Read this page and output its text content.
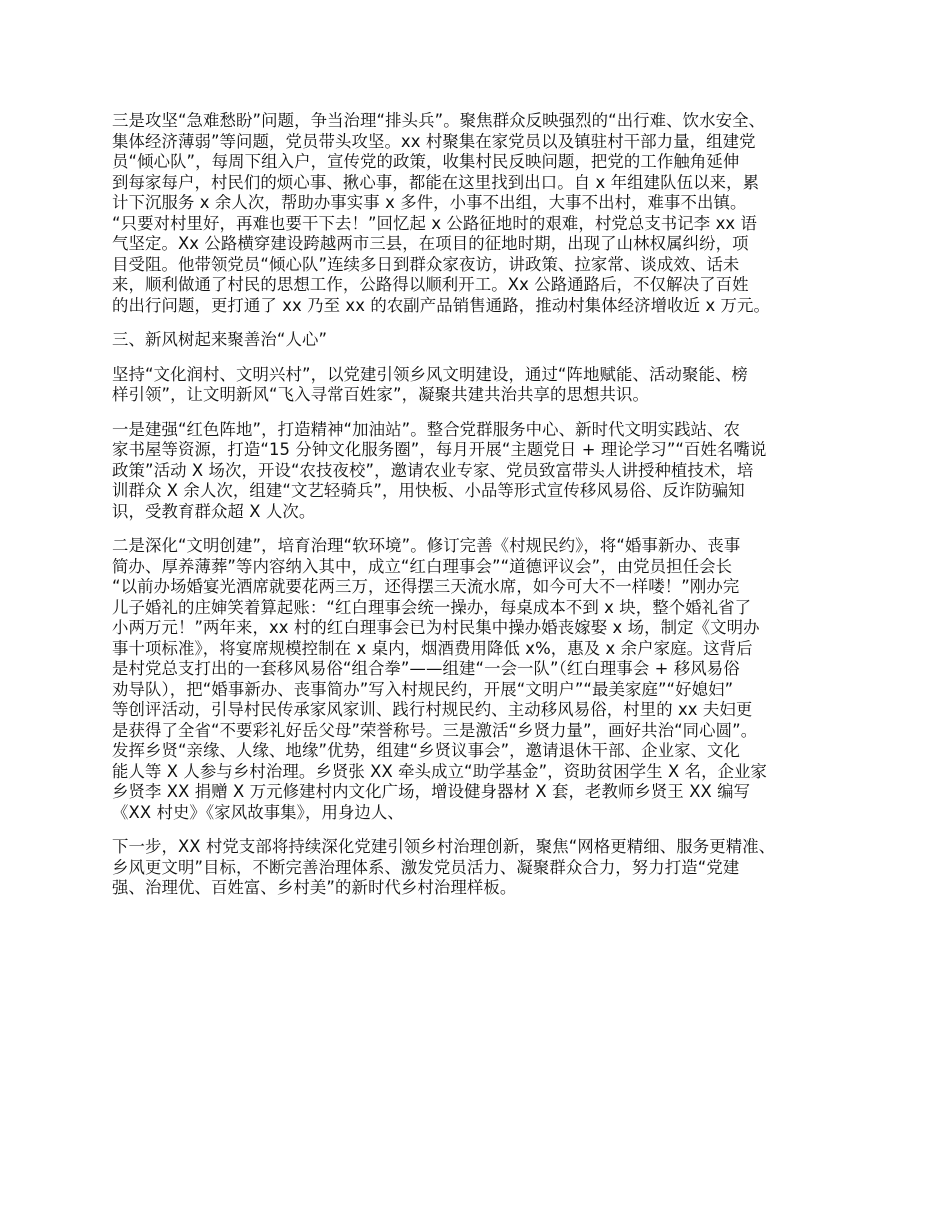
三是攻坚“急难愁盼”问题，争当治理“排头兵”。聚焦群众反映强烈的“出行难、饮水安全、
集体经济薄弱”等问题，党员带头攻坚。xx 村聚集在家党员以及镇驻村干部力量，组建党
员“倾心队”，每周下组入户，宣传党的政策，收集村民反映问题，把党的工作触角延伸
到每家每户，村民们的烦心事、揪心事，都能在这里找到出口。自 x 年组建队伍以来，累
计下沉服务 x 余人次，帮助办事实事 x 多件，小事不出组，大事不出村，难事不出镇。
“只要对村里好，再难也要干下去！”回忆起 x 公路征地时的艰难，村党总支书记李 xx 语
气坚定。Xx 公路横穿建设跨越两市三县，在项目的征地时期，出现了山林权属纠纷，项
目受阻。他带领党员“倾心队”连续多日到群众家夜访，讲政策、拉家常、谈成效、话未
来，顺利做通了村民的思想工作，公路得以顺利开工。Xx 公路通路后，不仅解决了百姓
的出行问题，更打通了 xx 乃至 xx 的农副产品销售通路，推动村集体经济增收近 x 万元。
三、新风树起来聚善治“人心”
坚持“文化润村、文明兴村”，以党建引领乡风文明建设，通过“阵地赋能、活动聚能、榜
样引领”，让文明新风“飞入寻常百姓家”，凝聚共建共治共享的思想共识。
一是建强“红色阵地”，打造精神“加油站”。整合党群服务中心、新时代文明实践站、农
家书屋等资源，打造“15 分钟文化服务圈”，每月开展“主题党日 + 理论学习”“百姓名嘴说
政策”活动 X 场次，开设“农技夜校”，邀请农业专家、党员致富带头人讲授种植技术，培
训群众 X 余人次，组建“文艺轻骑兵”，用快板、小品等形式宣传移风易俗、反诈防骗知
识，受教育群众超 X 人次。
二是深化“文明创建”，培育治理“软环境”。修订完善《村规民约》，将“婚事新办、丧事
简办、厚养薄葬”等内容纳入其中，成立“红白理事会”“道德评议会”，由党员担任会长
“以前办场婚宴光酒席就要花两三万，还得摆三天流水席，如今可大不一样喽！”刚办完
儿子婚礼的庄婶笑着算起账：“红白理事会统一操办，每桌成本不到 x 块，整个婚礼省了
小两万元！”两年来，xx 村的红白理事会已为村民集中操办婚丧嫁娶 x 场，制定《文明办
事十项标准》，将宴席规模控制在 x 桌内，烟酒费用降低 x%，惠及 x 余户家庭。这背后
是村党总支打出的一套移风易俗“组合拳”——组建“一会一队”（红白理事会 + 移风易俗
劝导队），把“婚事新办、丧事简办”写入村规民约，开展“文明户”“最美家庭”“好媳妇”
等创评活动，引导村民传承家风家训、践行村规民约、主动移风易俗，村里的 xx 夫妇更
是获得了全省“不要彩礼好岳父母”荣誉称号。三是激活“乡贤力量”，画好共治“同心圆”。
发挥乡贤“亲缘、人缘、地缘”优势，组建“乡贤议事会”，邀请退休干部、企业家、文化
能人等 X 人参与乡村治理。乡贤张 XX 牵头成立“助学基金”，资助贫困学生 X 名，企业家
乡贤李 XX 捐赠 X 万元修建村内文化广场，增设健身器材 X 套，老教师乡贤王 XX 编写
《XX 村史》《家风故事集》，用身边人、
下一步，XX 村党支部将持续深化党建引领乡村治理创新，聚焦“网格更精细、服务更精准、
乡风更文明”目标，不断完善治理体系、激发党员活力、凝聚群众合力，努力打造“党建
强、治理优、百姓富、乡村美”的新时代乡村治理样板。
